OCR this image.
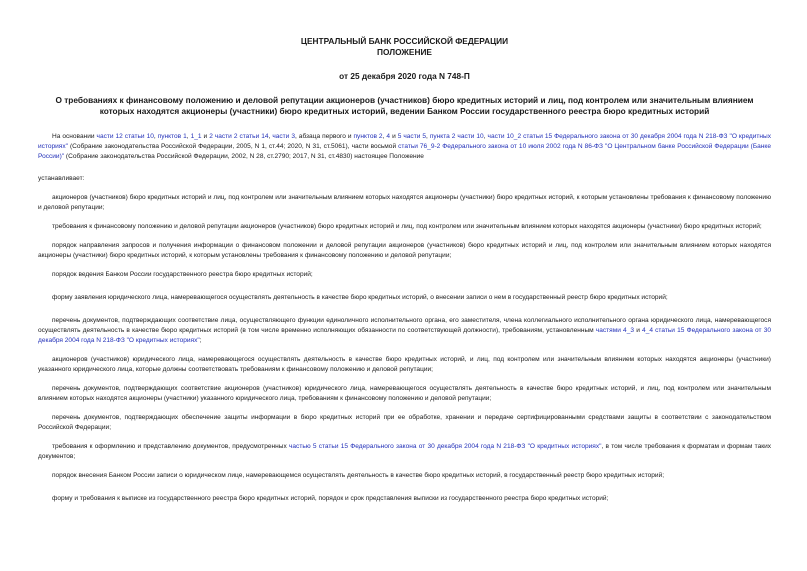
ЦЕНТРАЛЬНЫЙ БАНК РОССИЙСКОЙ ФЕДЕРАЦИИ
ПОЛОЖЕНИЕ
от 25 декабря 2020 года N 748-П
О требованиях к финансовому положению и деловой репутации акционеров (участников) бюро кредитных историй и лиц, под контролем или значительным влиянием которых находятся акционеры (участники) бюро кредитных историй, ведении Банком России государственного реестра бюро кредитных историй

На основании части 12 статьи 10, пунктов 1, 1_1 и 2 части 2 статьи 14, части 3, абзаца первого и пунктов 2, 4 и 5 части 5, пункта 2 части 10, части 10_2 статьи 15 Федерального закона от 30 декабря 2004 года N 218-ФЗ "О кредитных историях" (Собрание законодательства Российской Федерации, 2005, N 1, ст.44; 2020, N 31, ст.5061), части восьмой статьи 76_9-2 Федерального закона от 10 июля 2002 года N 86-ФЗ "О Центральном банке Российской Федерации (Банке России)" (Собрание законодательства Российской Федерации, 2002, N 28, ст.2790; 2017, N 31, ст.4830) настоящее Положение

устанавливает:

акционеров (участников) бюро кредитных историй и лиц, под контролем или значительным влиянием которых находятся акционеры (участники) бюро кредитных историй, к которым установлены требования к финансовому положению и деловой репутации;

требования к финансовому положению и деловой репутации акционеров (участников) бюро кредитных историй и лиц, под контролем или значительным влиянием которых находятся акционеры (участники) бюро кредитных историй;

порядок направления запросов и получения информации о финансовом положении и деловой репутации акционеров (участников) бюро кредитных историй и лиц, под контролем или значительным влиянием которых находятся акционеры (участники) бюро кредитных историй, к которым установлены требования к финансовому положению и деловой репутации;

порядок ведения Банком России государственного реестра бюро кредитных историй;

форму заявления юридического лица, намеревающегося осуществлять деятельность в качестве бюро кредитных историй, о внесении записи о нем в государственный реестр бюро кредитных историй;

перечень документов, подтверждающих соответствие лица, осуществляющего функции единоличного исполнительного органа, его заместителя, члена коллегиального исполнительного органа юридического лица, намеревающегося осуществлять деятельность в качестве бюро кредитных историй (в том числе временно исполняющих обязанности по соответствующей должности), требованиям, установленным частями 4_3 и 4_4 статьи 15 Федерального закона от 30 декабря 2004 года N 218-ФЗ "О кредитных историях";

акционеров (участников) юридического лица, намеревающегося осуществлять деятельность в качестве бюро кредитных историй, и лиц, под контролем или значительным влиянием которых находятся акционеры (участники) указанного юридического лица, которые должны соответствовать требованиям к финансовому положению и деловой репутации;

перечень документов, подтверждающих соответствие акционеров (участников) юридического лица, намеревающегося осуществлять деятельность в качестве бюро кредитных историй, и лиц, под контролем или значительным влиянием которых находятся акционеры (участники) указанного юридического лица, требованиям к финансовому положению и деловой репутации;

перечень документов, подтверждающих обеспечение защиты информации в бюро кредитных историй при ее обработке, хранении и передаче сертифицированными средствами защиты в соответствии с законодательством Российской Федерации;

требования к оформлению и представлению документов, предусмотренных частью 5 статьи 15 Федерального закона от 30 декабря 2004 года N 218-ФЗ "О кредитных историях", в том числе требования к форматам и формам таких документов;

порядок внесения Банком России записи о юридическом лице, намеревающемся осуществлять деятельность в качестве бюро кредитных историй, в государственный реестр бюро кредитных историй;

форму и требования к выписке из государственного реестра бюро кредитных историй, порядок и срок представления выписки из государственного реестра бюро кредитных историй;
